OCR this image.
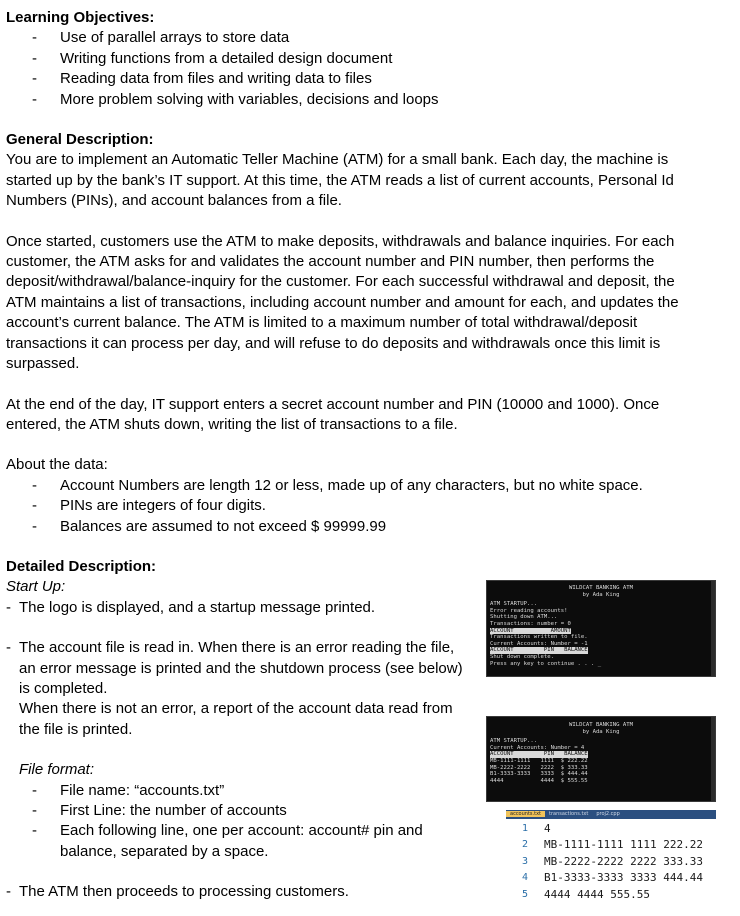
Learning Objectives:
- Use of parallel arrays to store data
- Writing functions from a detailed design document
- Reading data from files and writing data to files
- More problem solving with variables, decisions and loops
General Description:
You are to implement an Automatic Teller Machine (ATM) for a small bank. Each day, the machine is
started up by the bank’s IT support. At this time, the ATM reads a list of current accounts, Personal Id
Numbers (PINs), and account balances from a file.
Once started, customers use the ATM to make deposits, withdrawals and balance inquiries. For each
customer, the ATM asks for and validates the account number and PIN number, then performs the
deposit/withdrawal/balance-inquiry for the customer. For each successful withdrawal and deposit, the
ATM maintains a list of transactions, including account number and amount for each, and updates the
account’s current balance. The ATM is limited to a maximum number of total withdrawal/deposit
transactions it can process per day, and will refuse to do deposits and withdrawals once this limit is
surpassed.
At the end of the day, IT support enters a secret account number and PIN (10000 and 1000). Once
entered, the ATM shuts down, writing the list of transactions to a file.
About the data:
- Account Numbers are length 12 or less, made up of any characters, but no white space.
- PINs are integers of four digits.
- Balances are assumed to not exceed $ 99999.99
Detailed Description:
Start Up:
- The logo is displayed, and a startup message printed.
- The account file is read in. When there is an error reading the file,
an error message is printed and the shutdown process (see below)
is completed.
When there is not an error, a report of the account data read from
the file is printed.
File format:
- File name: “accounts.txt”
- First Line: the number of accounts
- Each following line, one per account: account# pin and
balance, separated by a space.
- The ATM then proceeds to processing customers.
WILDCAT BANKING ATM
by Ada King
ATM STARTUP...
Error reading accounts!
Shutting down ATM...
Transactions: number = 0
ACCOUNT           AMOUNT
Transactions written to file.
Current Accounts: Number = -1
ACCOUNT         PIN   BALANCE
Shut down complete.
Press any key to continue . . . _
WILDCAT BANKING ATM
by Ada King
ATM STARTUP...
Current Accounts: Number = 4
ACCOUNT         PIN   BALANCE
MB-1111-1111   1111  $ 222.22
MB-2222-2222   2222  $ 333.33
B1-3333-3333   3333  $ 444.44
4444           4444  $ 555.55
accounts.txt transactions.txt proj2.cpp
1 4
2 MB-1111-1111 1111 222.22
3 MB-2222-2222 2222 333.33
4 B1-3333-3333 3333 444.44
5 4444 4444 555.55
